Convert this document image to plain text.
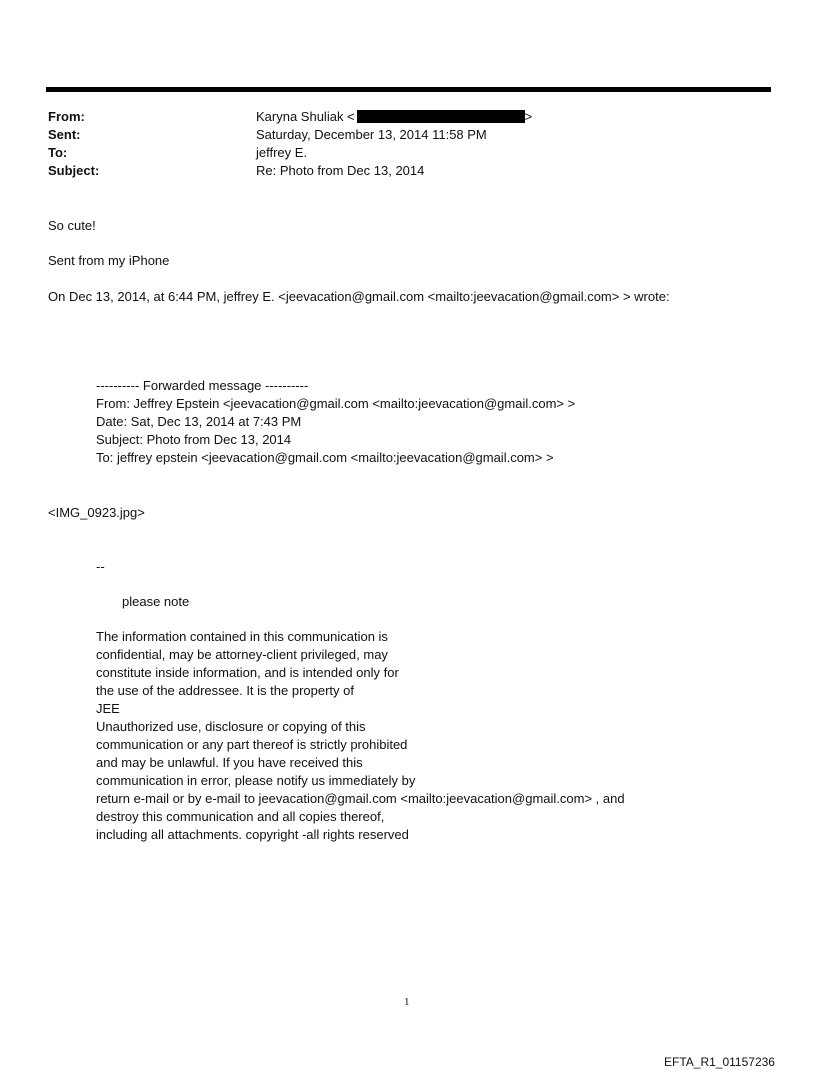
From:	Karyna Shuliak <	>
Sent:	Saturday, December 13, 2014 11:58 PM
To:	jeffrey E.
Subject:	Re: Photo from Dec 13, 2014
So cute!
Sent from my iPhone
On Dec 13, 2014, at 6:44 PM, jeffrey E. <jeevacation@gmail.com <mailto:jeevacation@gmail.com> > wrote:
---------- Forwarded message ----------
From: Jeffrey Epstein <jeevacation@gmail.com <mailto:jeevacation@gmail.com> >
Date: Sat, Dec 13, 2014 at 7:43 PM
Subject: Photo from Dec 13, 2014
To: jeffrey epstein <jeevacation@gmail.com <mailto:jeevacation@gmail.com> >
<IMG_0923.jpg>
--
please note
The information contained in this communication is
confidential, may be attorney-client privileged, may
constitute inside information, and is intended only for
the use of the addressee. It is the property of
JEE
Unauthorized use, disclosure or copying of this
communication or any part thereof is strictly prohibited
and may be unlawful. If you have received this
communication in error, please notify us immediately by
return e-mail or by e-mail to jeevacation@gmail.com <mailto:jeevacation@gmail.com> , and
destroy this communication and all copies thereof,
including all attachments. copyright -all rights reserved
1
EFTA_R1_01157236
